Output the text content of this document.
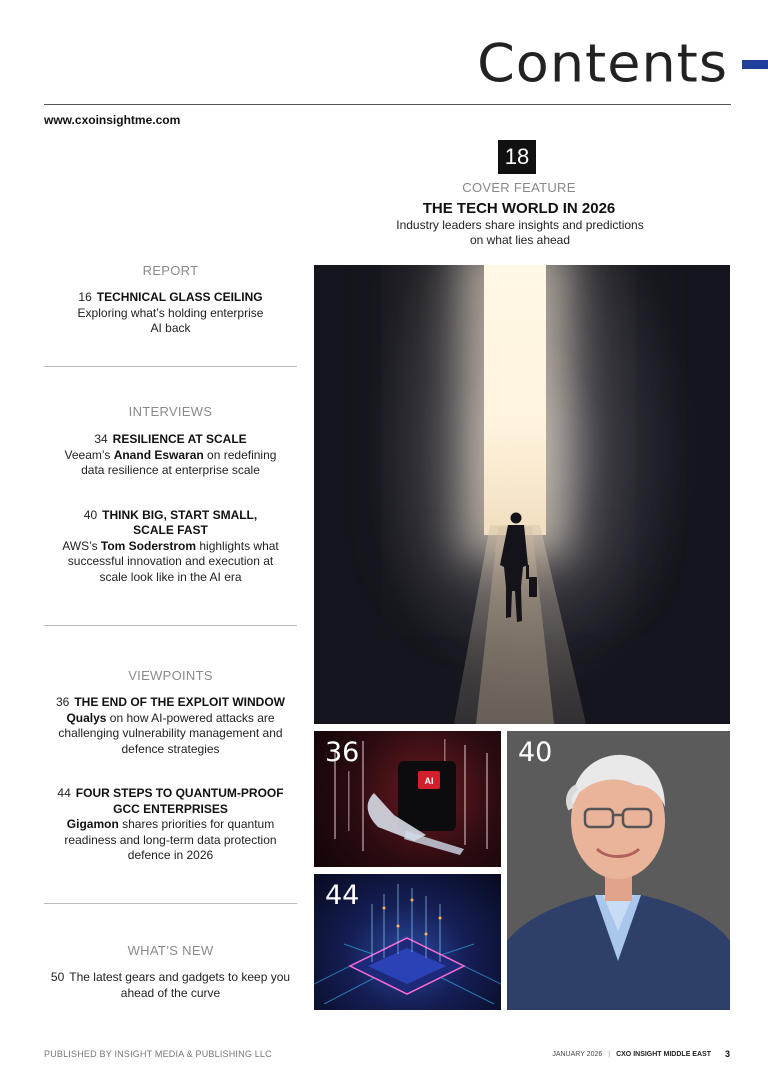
Contents
www.cxoinsightme.com
18
COVER FEATURE
THE TECH WORLD IN 2026
Industry leaders share insights and predictions
on what lies ahead
REPORT
16 TECHNICAL GLASS CEILING
Exploring what’s holding enterprise
AI back
INTERVIEWS
34 RESILIENCE AT SCALE
Veeam’s Anand Eswaran on redefining
data resilience at enterprise scale
40 THINK BIG, START SMALL,
SCALE FAST
AWS’s Tom Soderstrom highlights what
successful innovation and execution at
scale look like in the AI era
VIEWPOINTS
36 THE END OF THE EXPLOIT WINDOW
Qualys on how AI-powered attacks are
challenging vulnerability management and
defence strategies
44 FOUR STEPS TO QUANTUM-PROOF
GCC ENTERPRISES
Gigamon shares priorities for quantum
readiness and long-term data protection
defence in 2026
WHAT’S NEW
50 The latest gears and gadgets to keep you
ahead of the curve
AI
36
44
40
PUBLISHED BY INSIGHT MEDIA & PUBLISHING LLC	JANUARY 2026 | CXO INSIGHT MIDDLE EAST 3
